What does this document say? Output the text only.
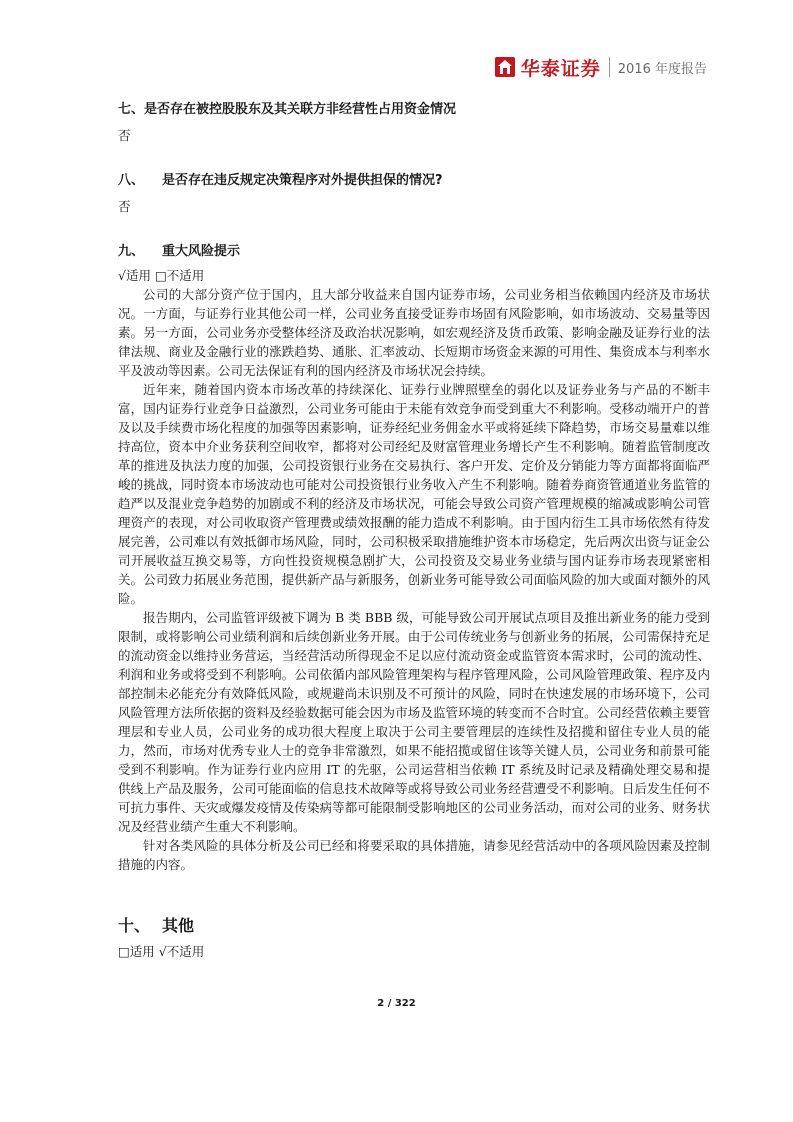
华泰证券 2016 年度报告
七、是否存在被控股股东及其关联方非经营性占用资金情况

否

八、 是否存在违反规定决策程序对外提供担保的情况?

否

九、 重大风险提示

√适用 □不适用

公司的大部分资产位于国内，且大部分收益来自国内证券市场，公司业务相当依赖国内经济及市场状况。一方面，与证券行业其他公司一样，公司业务直接受证券市场固有风险影响，如市场波动、交易量等因素。另一方面，公司业务亦受整体经济及政治状况影响，如宏观经济及货币政策、影响金融及证券行业的法律法规、商业及金融行业的涨跌趋势、通胀、汇率波动、长短期市场资金来源的可用性、集资成本与利率水平及波动等因素。公司无法保证有利的国内经济及市场状况会持续。

近年来，随着国内资本市场改革的持续深化、证券行业牌照壁垒的弱化以及证券业务与产品的不断丰富，国内证券行业竞争日益激烈，公司业务可能由于未能有效竞争而受到重大不利影响。受移动端开户的普及以及手续费市场化程度的加强等因素影响，证券经纪业务佣金水平或将延续下降趋势，市场交易量难以维持高位，资本中介业务获利空间收窄，都将对公司经纪及财富管理业务增长产生不利影响。随着监管制度改革的推进及执法力度的加强，公司投资银行业务在交易执行、客户开发、定价及分销能力等方面都将面临严峻的挑战，同时资本市场波动也可能对公司投资银行业务收入产生不利影响。随着券商资管通道业务监管的趋严以及混业竞争趋势的加剧或不利的经济及市场状况，可能会导致公司资产管理规模的缩减或影响公司管理资产的表现，对公司收取资产管理费或绩效报酬的能力造成不利影响。由于国内衍生工具市场依然有待发展完善，公司难以有效抵御市场风险，同时，公司积极采取措施维护资本市场稳定，先后两次出资与证金公司开展收益互换交易等，方向性投资规模急剧扩大，公司投资及交易业务业绩与国内证券市场表现紧密相关。公司致力拓展业务范围，提供新产品与新服务，创新业务可能导致公司面临风险的加大或面对额外的风险。

报告期内，公司监管评级被下调为 B 类 BBB 级，可能导致公司开展试点项目及推出新业务的能力受到限制，或将影响公司业绩利润和后续创新业务开展。由于公司传统业务与创新业务的拓展，公司需保持充足的流动资金以维持业务营运，当经营活动所得现金不足以应付流动资金或监管资本需求时，公司的流动性、利润和业务或将受到不利影响。公司依循内部风险管理架构与程序管理风险，公司风险管理政策、程序及内部控制未必能充分有效降低风险，或规避尚未识别及不可预计的风险，同时在快速发展的市场环境下，公司风险管理方法所依据的资料及经验数据可能会因为市场及监管环境的转变而不合时宜。公司经营依赖主要管理层和专业人员，公司业务的成功很大程度上取决于公司主要管理层的连续性及招揽和留住专业人员的能力，然而，市场对优秀专业人士的竞争非常激烈，如果不能招揽或留住该等关键人员，公司业务和前景可能受到不利影响。作为证券行业内应用 IT 的先驱，公司运营相当依赖 IT 系统及时记录及精确处理交易和提供线上产品及服务，公司可能面临的信息技术故障等或将导致公司业务经营遭受不利影响。日后发生任何不可抗力事件、天灾或爆发疫情及传染病等都可能限制受影响地区的公司业务活动，而对公司的业务、财务状况及经营业绩产生重大不利影响。

针对各类风险的具体分析及公司已经和将要采取的具体措施，请参见经营活动中的各项风险因素及控制措施的内容。

十、 其他

□适用 √不适用

2 / 322
